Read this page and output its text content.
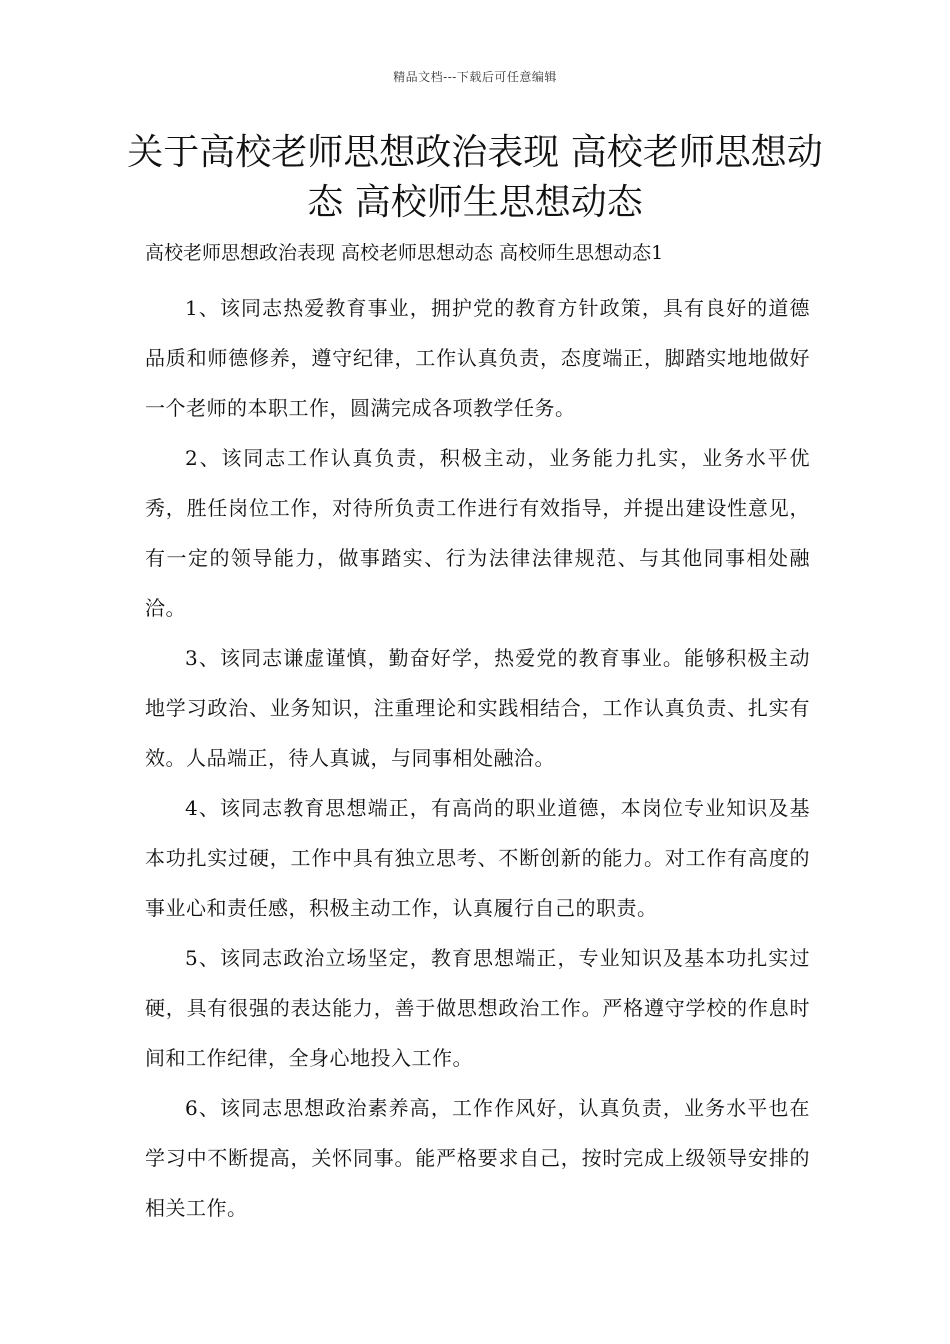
精品文档---下载后可任意编辑
关于高校老师思想政治表现 高校老师思想动态 高校师生思想动态
高校老师思想政治表现 高校老师思想动态 高校师生思想动态1

1、该同志热爱教育事业，拥护党的教育方针政策，具有良好的道德品质和师德修养，遵守纪律，工作认真负责，态度端正，脚踏实地地做好一个老师的本职工作，圆满完成各项教学任务。

2、该同志工作认真负责，积极主动，业务能力扎实，业务水平优秀，胜任岗位工作，对待所负责工作进行有效指导，并提出建设性意见，有一定的领导能力，做事踏实、行为法律法律规范、与其他同事相处融洽。

3、该同志谦虚谨慎，勤奋好学，热爱党的教育事业。能够积极主动地学习政治、业务知识，注重理论和实践相结合，工作认真负责、扎实有效。人品端正，待人真诚，与同事相处融洽。

4、该同志教育思想端正，有高尚的职业道德，本岗位专业知识及基本功扎实过硬，工作中具有独立思考、不断创新的能力。对工作有高度的事业心和责任感，积极主动工作，认真履行自己的职责。

5、该同志政治立场坚定，教育思想端正，专业知识及基本功扎实过硬，具有很强的表达能力，善于做思想政治工作。严格遵守学校的作息时间和工作纪律，全身心地投入工作。

6、该同志思想政治素养高，工作作风好，认真负责，业务水平也在学习中不断提高，关怀同事。能严格要求自己，按时完成上级领导安排的相关工作。
